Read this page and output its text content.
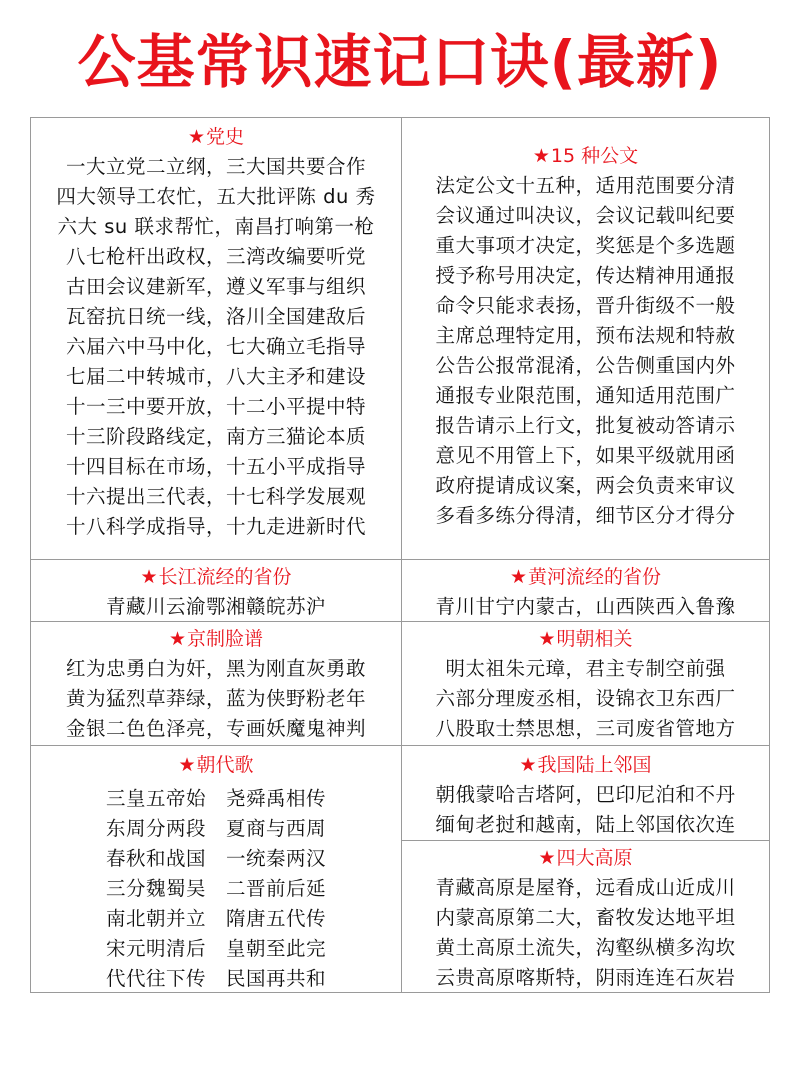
公基常识速记口诀(最新)
★党史
一大立党二立纲，三大国共要合作
四大领导工农忙，五大批评陈 du 秀
六大 su 联求帮忙，南昌打响第一枪
八七枪杆出政权，三湾改编要听党
古田会议建新军，遵义军事与组织
瓦窑抗日统一线，洛川全国建敌后
六届六中马中化，七大确立毛指导
七届二中转城市，八大主矛和建设
十一三中要开放，十二小平提中特
十三阶段路线定，南方三猫论本质
十四目标在市场，十五小平成指导
十六提出三代表，十七科学发展观
十八科学成指导，十九走进新时代
★15 种公文
法定公文十五种，适用范围要分清
会议通过叫决议，会议记载叫纪要
重大事项才决定，奖惩是个多选题
授予称号用决定，传达精神用通报
命令只能求表扬，晋升街级不一般
主席总理特定用，预布法规和特赦
公告公报常混淆，公告侧重国内外
通报专业限范围，通知适用范围广
报告请示上行文，批复被动答请示
意见不用管上下，如果平级就用函
政府提请成议案，两会负责来审议
多看多练分得清，细节区分才得分
★长江流经的省份
青藏川云渝鄂湘赣皖苏沪
★黄河流经的省份
青川甘宁内蒙古，山西陕西入鲁豫
★京制脸谱
红为忠勇白为奸，黑为刚直灰勇敢
黄为猛烈草莽绿，蓝为侠野粉老年
金银二色色泽亮，专画妖魔鬼神判
★明朝相关
明太祖朱元璋，君主专制空前强
六部分理废丞相，设锦衣卫东西厂
八股取士禁思想，三司废省管地方
★朝代歌
三皇五帝始　尧舜禹相传
东周分两段　夏商与西周
春秋和战国　一统秦两汉
三分魏蜀吴　二晋前后延
南北朝并立　隋唐五代传
宋元明清后　皇朝至此完
代代往下传　民国再共和
★我国陆上邻国
朝俄蒙哈吉塔阿，巴印尼泊和不丹
缅甸老挝和越南，陆上邻国依次连
★四大高原
青藏高原是屋脊，远看成山近成川
内蒙高原第二大，畜牧发达地平坦
黄土高原土流失，沟壑纵横多沟坎
云贵高原喀斯特，阴雨连连石灰岩
